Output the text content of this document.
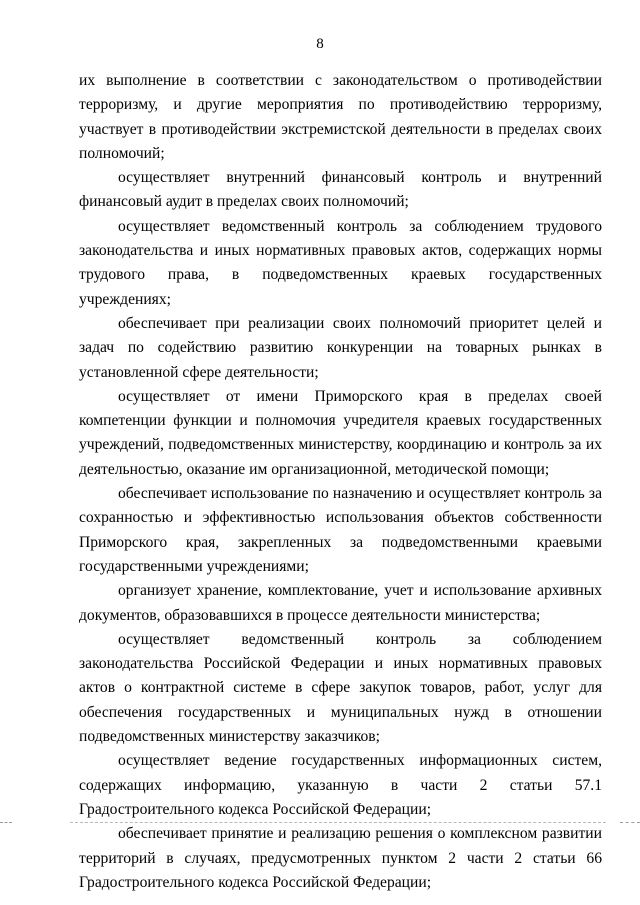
8

их выполнение в соответствии с законодательством о противодействии терроризму, и другие мероприятия по противодействию терроризму, участвует в противодействии экстремистской деятельности в пределах своих полномочий;

осуществляет внутренний финансовый контроль и внутренний финансовый аудит в пределах своих полномочий;

осуществляет ведомственный контроль за соблюдением трудового законодательства и иных нормативных правовых актов, содержащих нормы трудового права, в подведомственных краевых государственных учреждениях;

обеспечивает при реализации своих полномочий приоритет целей и задач по содействию развитию конкуренции на товарных рынках в установленной сфере деятельности;

осуществляет от имени Приморского края в пределах своей компетенции функции и полномочия учредителя краевых государственных учреждений, подведомственных министерству, координацию и контроль за их деятельностью, оказание им организационной, методической помощи;

обеспечивает использование по назначению и осуществляет контроль за сохранностью и эффективностью использования объектов собственности Приморского края, закрепленных за подведомственными краевыми государственными учреждениями;

организует хранение, комплектование, учет и использование архивных документов, образовавшихся в процессе деятельности министерства;

осуществляет ведомственный контроль за соблюдением законодательства Российской Федерации и иных нормативных правовых актов о контрактной системе в сфере закупок товаров, работ, услуг для обеспечения государственных и муниципальных нужд в отношении подведомственных министерству заказчиков;

осуществляет ведение государственных информационных систем, содержащих информацию, указанную в части 2 статьи 57.1 Градостроительного кодекса Российской Федерации;

обеспечивает принятие и реализацию решения о комплексном развитии территорий в случаях, предусмотренных пунктом 2 части 2 статьи 66 Градостроительного кодекса Российской Федерации;
